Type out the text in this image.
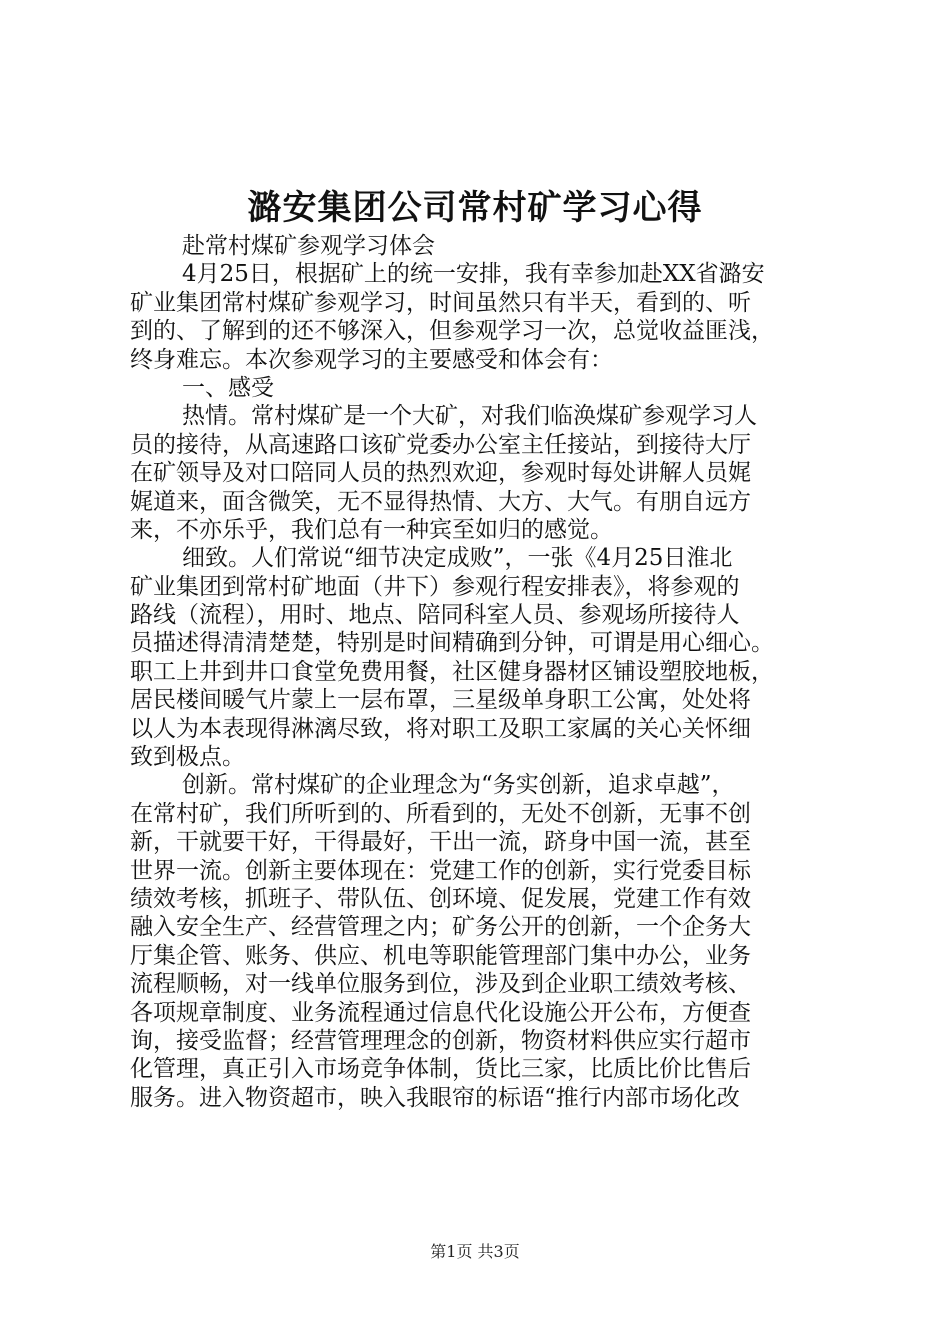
潞安集团公司常村矿学习心得
赴常村煤矿参观学习体会
4月25日，根据矿上的统一安排，我有幸参加赴XX省潞安
矿业集团常村煤矿参观学习，时间虽然只有半天，看到的、听
到的、了解到的还不够深入，但参观学习一次，总觉收益匪浅，
终身难忘。本次参观学习的主要感受和体会有：
一、感受
热情。常村煤矿是一个大矿，对我们临涣煤矿参观学习人
员的接待，从高速路口该矿党委办公室主任接站，到接待大厅
在矿领导及对口陪同人员的热烈欢迎，参观时每处讲解人员娓
娓道来，面含微笑，无不显得热情、大方、大气。有朋自远方
来，不亦乐乎，我们总有一种宾至如归的感觉。
细致。人们常说“细节决定成败”，一张《4月25日淮北
矿业集团到常村矿地面（井下）参观行程安排表》，将参观的
路线（流程），用时、地点、陪同科室人员、参观场所接待人
员描述得清清楚楚，特别是时间精确到分钟，可谓是用心细心。
职工上井到井口食堂免费用餐，社区健身器材区铺设塑胶地板，
居民楼间暖气片蒙上一层布罩，三星级单身职工公寓，处处将
以人为本表现得淋漓尽致，将对职工及职工家属的关心关怀细
致到极点。
创新。常村煤矿的企业理念为“务实创新，追求卓越”，
在常村矿，我们所听到的、所看到的，无处不创新，无事不创
新，干就要干好，干得最好，干出一流，跻身中国一流，甚至
世界一流。创新主要体现在：党建工作的创新，实行党委目标
绩效考核，抓班子、带队伍、创环境、促发展，党建工作有效
融入安全生产、经营管理之内；矿务公开的创新，一个企务大
厅集企管、账务、供应、机电等职能管理部门集中办公，业务
流程顺畅，对一线单位服务到位，涉及到企业职工绩效考核、
各项规章制度、业务流程通过信息代化设施公开公布，方便查
询，接受监督；经营管理理念的创新，物资材料供应实行超市
化管理，真正引入市场竞争体制，货比三家，比质比价比售后
服务。进入物资超市，映入我眼帘的标语“推行内部市场化改
第1页 共3页
